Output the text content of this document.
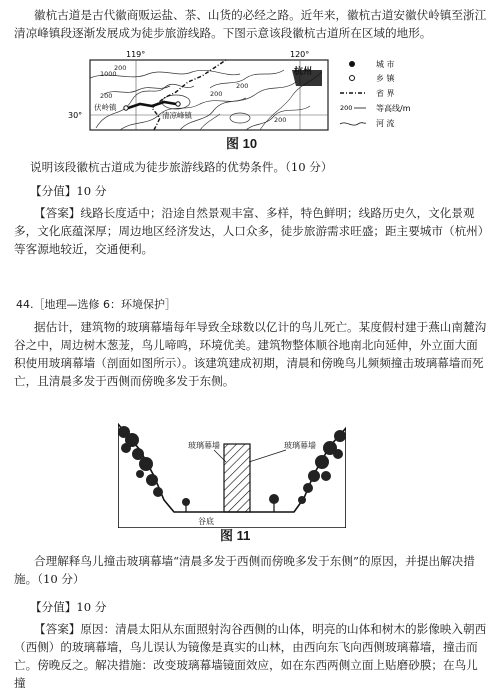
徽杭古道是古代徽商贩运盐、茶、山货的必经之路。近年来，徽杭古道安徽伏岭镇至浙江清凉峰镇段逐渐发展成为徒步旅游线路。下图示意该段徽杭古道所在区域的地形。

119°	120°
30°
杭州
伏岭镇
清凉峰镇
1000
200
200	200
200
200
城 市
乡 镇
省 界
200	等高线/m
河 流
图 10

说明该段徽杭古道成为徒步旅游线路的优势条件。（10 分）

【分值】10 分

【答案】线路长度适中；沿途自然景观丰富、多样，特色鲜明；线路历史久，文化景观多，文化底蕴深厚；周边地区经济发达，人口众多，徒步旅游需求旺盛；距主要城市（杭州）等客源地较近，交通便利。

44.［地理—选修 6：环境保护］

据估计，建筑物的玻璃幕墙每年导致全球数以亿计的鸟儿死亡。某度假村建于燕山南麓沟谷之中，周边树木葱茏，鸟儿啼鸣，环境优美。建筑物整体顺谷地南北向延伸，外立面大面积使用玻璃幕墙（剖面如图所示）。该建筑建成初期，清晨和傍晚鸟儿频频撞击玻璃幕墙而死亡，且清晨多发于西侧而傍晚多发于东侧。

玻璃幕墙	玻璃幕墙
谷底
图 11

合理解释鸟儿撞击玻璃幕墙“清晨多发于西侧而傍晚多发于东侧”的原因，并提出解决措施。（10 分）

【分值】10 分

【答案】原因：清晨太阳从东面照射沟谷西侧的山体，明亮的山体和树木的影像映入朝西（西侧）的玻璃幕墙，鸟儿误认为镜像是真实的山林，由西向东飞向西侧玻璃幕墙，撞击而亡。傍晚反之。解决措施：改变玻璃幕墙镜面效应，如在东西两侧立面上贴磨砂膜；在鸟儿撞
